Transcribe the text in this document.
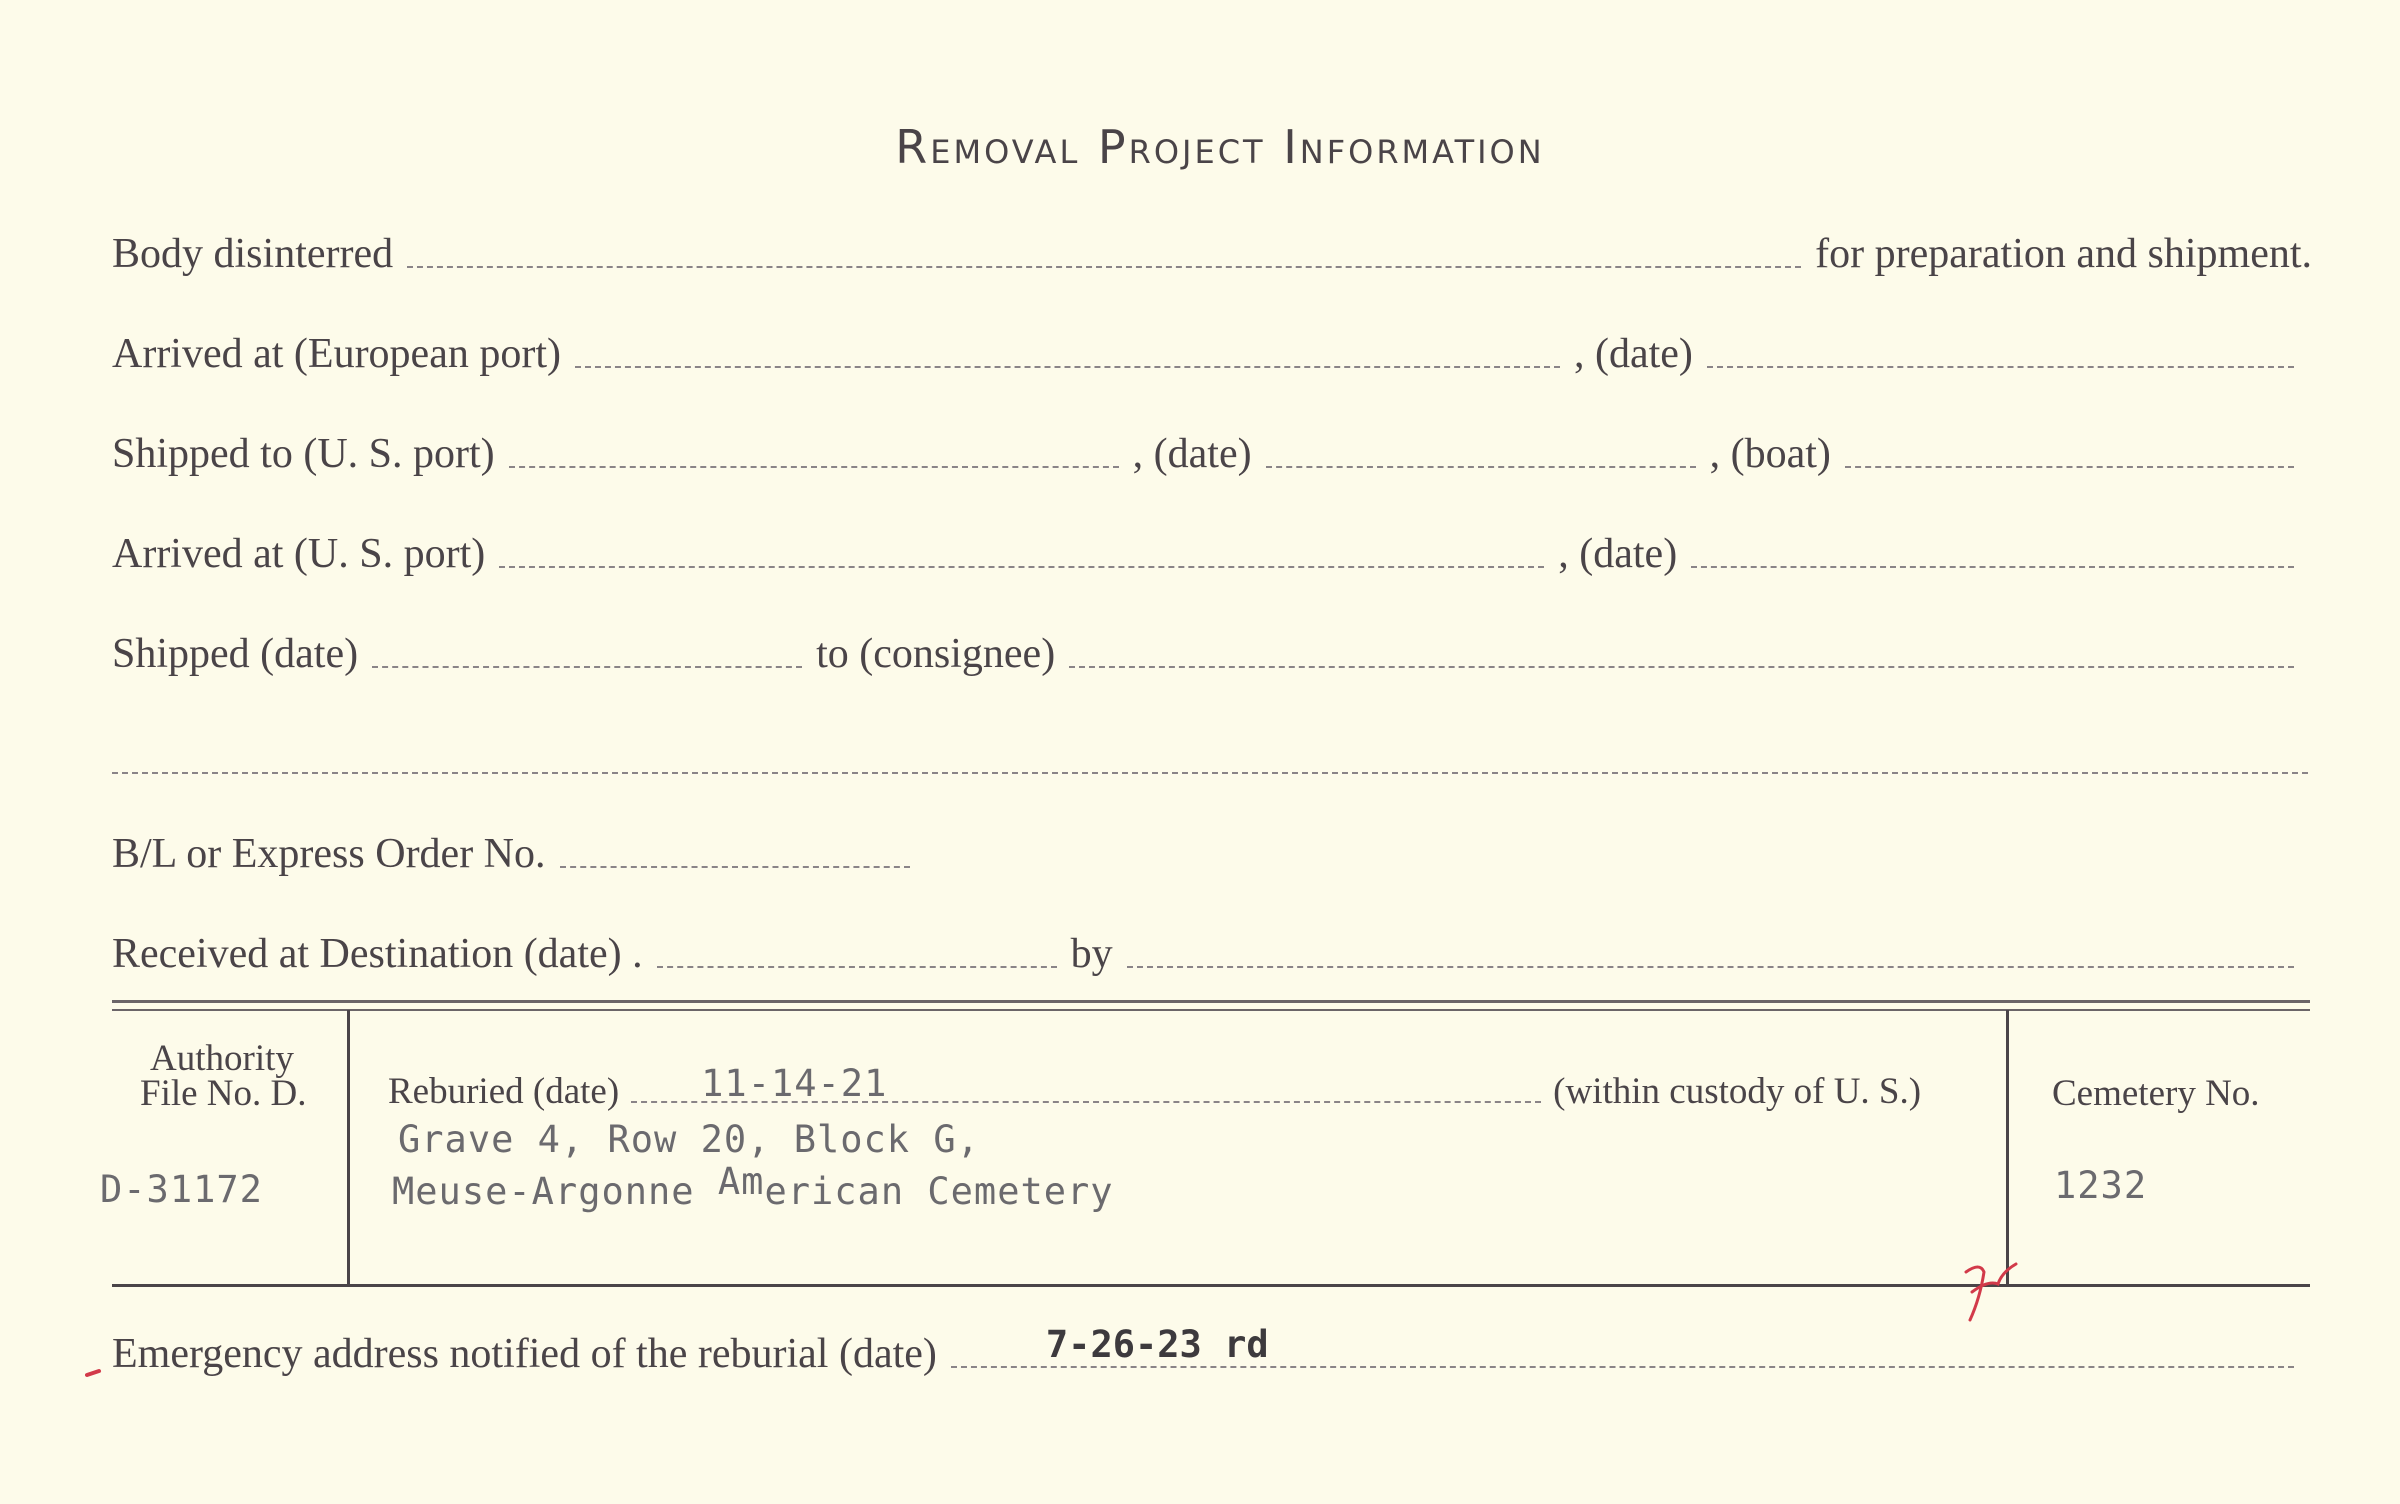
Removal Project Information
Body disinterred	for preparation and shipment.
Arrived at (European port)	, (date)
Shipped to (U. S. port)	, (date)	, (boat)
Arrived at (U. S. port)	, (date)
Shipped (date)	to (consignee)
B/L or Express Order No.
Received at Destination (date) .	by
Authority
File No. D.
D-31172
Reburied (date) 11-14-21	(within custody of U. S.)
Grave 4, Row 20, Block G,
Meuse-Argonne American Cemetery
Cemetery No.
1232
Emergency address notified of the reburial (date)	7-26-23 rd
